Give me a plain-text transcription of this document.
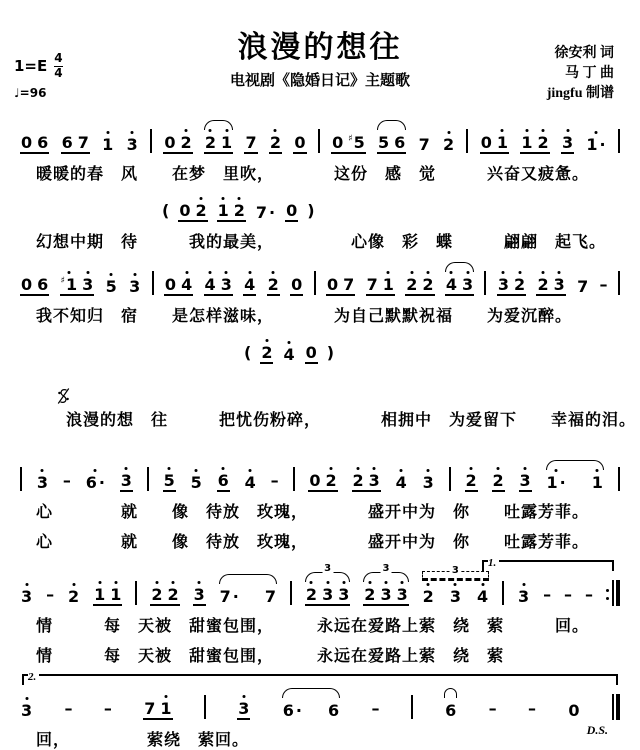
浪漫的想往
电视剧《隐婚日记》主题歌
徐安利 词
马 丁 曲
jingfu 制谱
$1=E \frac{4}{4}$
♩=96
0 6 6 7 1 3 0 2 2 1 7 2 0 0 ♯ 5 5 6 7 2 0 1 1 2 3 1 ·
暖暖的春　风　　在梦　里吹，　　　　这份　感　觉　　　兴奋又疲惫。
( 0 2 1 2 7 · 0 )
幻想中期　待　　　我的最美，　　　　　心像　彩　蝶　　　翩翩　起飞。
0 6 ♯ 1 3 5 3 0 4 4 3 4 2 0 0 7 7 1 2 2 4 3 3 2 2 3 7 –
我不知归　宿　　是怎样滋味，　　　　为自己默默祝福　　为爱沉醉。
( 2 4 0 )

浪漫的想　往　　　把忧伤粉碎，　　　　相拥中　为爱留下　　幸福的泪。

3 – 6 · 3 5 5 6 4 – 0 2 2 3 4 3 2 2 3 1 · 1
心　　　　就　　像　待放　玫瑰，　　　　盛开中为　你　　吐露芳菲。
心　　　　就　　像　待放　玫瑰，　　　　盛开中为　你　　吐露芳菲。
1.
3 – 2 1 1 2 2 3 7 · 7
3
2 3 3
3
2 3 3
3
2 3 4 3 – – –
情　　　每　天被　甜蜜包围，　　　永远在爱路上萦　绕　萦　　　回。
情　　　每　天被　甜蜜包围，　　　永远在爱路上萦　绕　萦
2.
3 – – 7 1	3 6 · 6 –	6 – – 0
回，　　　　　萦绕　萦回。
D.S.
